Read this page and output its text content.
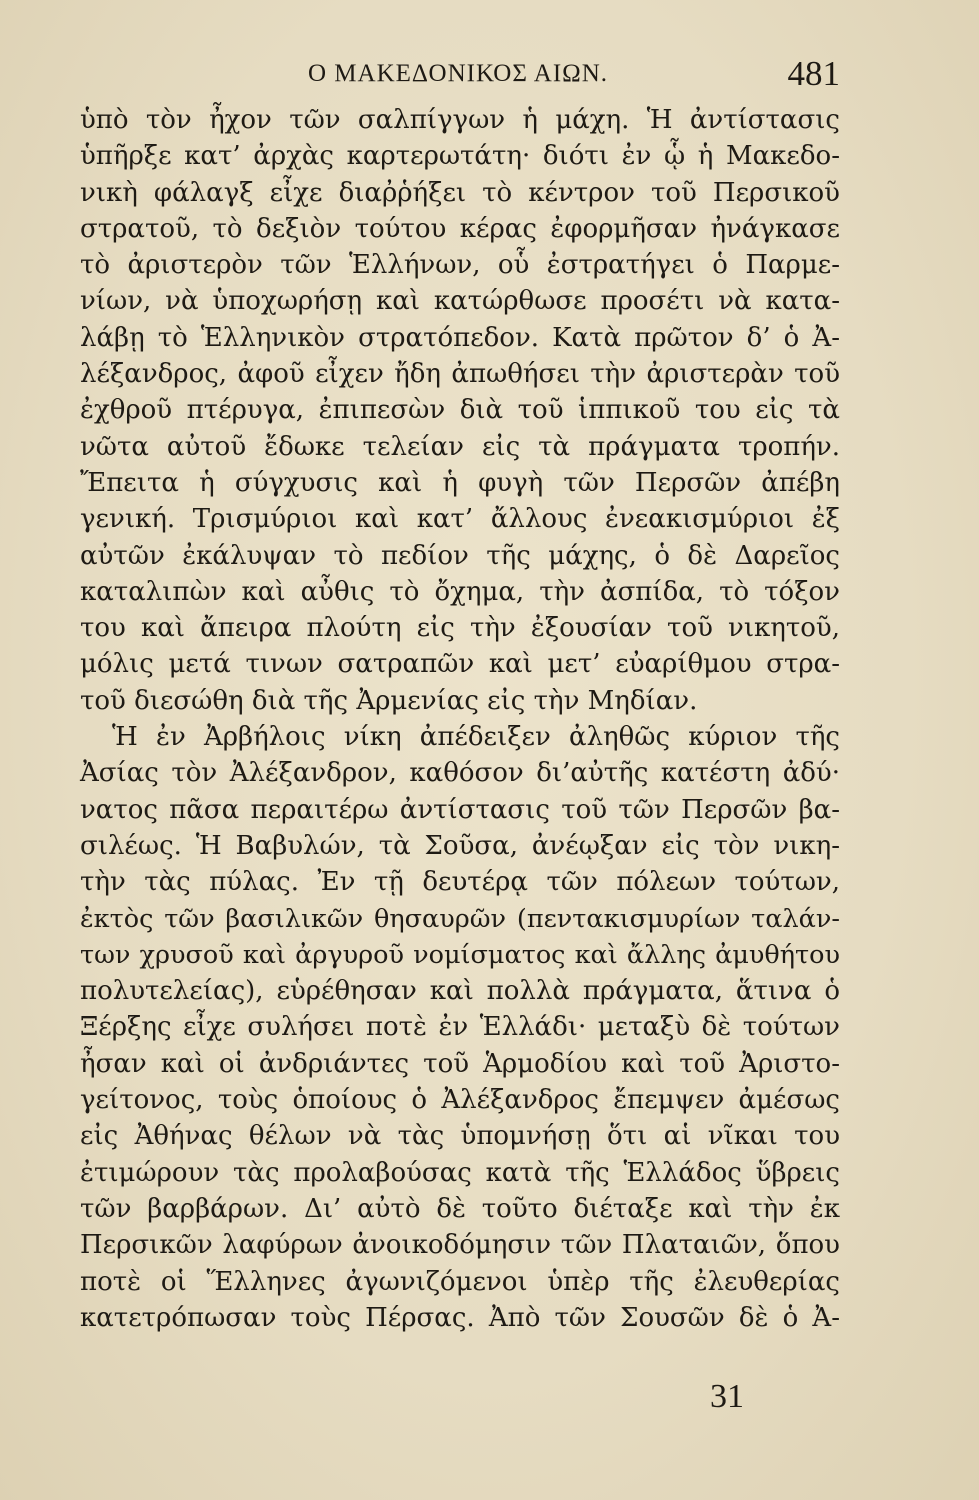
Ο ΜΑΚΕΔΟΝΙΚΟΣ ΑΙΩΝ.	481
ὑπὸ τὸν ἦχον τῶν σαλπίγγων ἡ μάχη. Ἡ ἀντίστασις
ὑπῆρξε κατ’ ἀρχὰς καρτερωτάτη· διότι ἐν ᾧ ἡ Μακεδο-
νικὴ φάλαγξ εἶχε διαῤῥήξει τὸ κέντρον τοῦ Περσικοῦ
στρατοῦ, τὸ δεξιὸν τούτου κέρας ἐφορμῆσαν ἠνάγκασε
τὸ ἀριστερὸν τῶν Ἑλλήνων, οὗ ἐστρατήγει ὁ Παρμε-
νίων, νὰ ὑποχωρήσῃ καὶ κατώρθωσε προσέτι νὰ κατα-
λάβῃ τὸ Ἑλληνικὸν στρατόπεδον. Κατὰ πρῶτον δ’ ὁ Ἀ-
λέξανδρος, ἀφοῦ εἶχεν ἤδη ἀπωθήσει τὴν ἀριστερὰν τοῦ
ἐχθροῦ πτέρυγα, ἐπιπεσὼν διὰ τοῦ ἱππικοῦ του εἰς τὰ
νῶτα αὐτοῦ ἔδωκε τελείαν εἰς τὰ πράγματα τροπήν.
Ἔπειτα ἡ σύγχυσις καὶ ἡ φυγὴ τῶν Περσῶν ἀπέβη
γενική. Τρισμύριοι καὶ κατ’ ἄλλους ἐνεακισμύριοι ἐξ
αὐτῶν ἐκάλυψαν τὸ πεδίον τῆς μάχης, ὁ δὲ Δαρεῖος
καταλιπὼν καὶ αὖθις τὸ ὄχημα, τὴν ἀσπίδα, τὸ τόξον
του καὶ ἄπειρα πλούτη εἰς τὴν ἐξουσίαν τοῦ νικητοῦ,
μόλις μετά τινων σατραπῶν καὶ μετ’ εὐαρίθμου στρα-
τοῦ διεσώθη διὰ τῆς Ἀρμενίας εἰς τὴν Μηδίαν.
Ἡ ἐν Ἀρβήλοις νίκη ἀπέδειξεν ἀληθῶς κύριον τῆς
Ἀσίας τὸν Ἀλέξανδρον, καθόσον δι’αὐτῆς κατέστη ἀδύ·
νατος πᾶσα περαιτέρω ἀντίστασις τοῦ τῶν Περσῶν βα-
σιλέως. Ἡ Βαβυλών, τὰ Σοῦσα, ἀνέῳξαν εἰς τὸν νικη-
τὴν τὰς πύλας. Ἐν τῇ δευτέρᾳ τῶν πόλεων τούτων,
ἐκτὸς τῶν βασιλικῶν θησαυρῶν (πεντακισμυρίων ταλάν-
των χρυσοῦ καὶ ἀργυροῦ νομίσματος καὶ ἄλλης ἀμυθήτου
πολυτελείας), εὑρέθησαν καὶ πολλὰ πράγματα, ἅτινα ὁ
Ξέρξης εἶχε συλήσει ποτὲ ἐν Ἑλλάδι· μεταξὺ δὲ τούτων
ἦσαν καὶ οἱ ἀνδριάντες τοῦ Ἁρμοδίου καὶ τοῦ Ἀριστο-
γείτονος, τοὺς ὁποίους ὁ Ἀλέξανδρος ἔπεμψεν ἀμέσως
εἰς Ἀθήνας θέλων νὰ τὰς ὑπομνήσῃ ὅτι αἱ νῖκαι του
ἐτιμώρουν τὰς προλαβούσας κατὰ τῆς Ἑλλάδος ὕβρεις
τῶν βαρβάρων. Δι’ αὐτὸ δὲ τοῦτο διέταξε καὶ τὴν ἐκ
Περσικῶν λαφύρων ἀνοικοδόμησιν τῶν Πλαταιῶν, ὅπου
ποτὲ οἱ Ἕλληνες ἀγωνιζόμενοι ὑπὲρ τῆς ἐλευθερίας
κατετρόπωσαν τοὺς Πέρσας. Ἀπὸ τῶν Σουσῶν δὲ ὁ Ἀ-
31
